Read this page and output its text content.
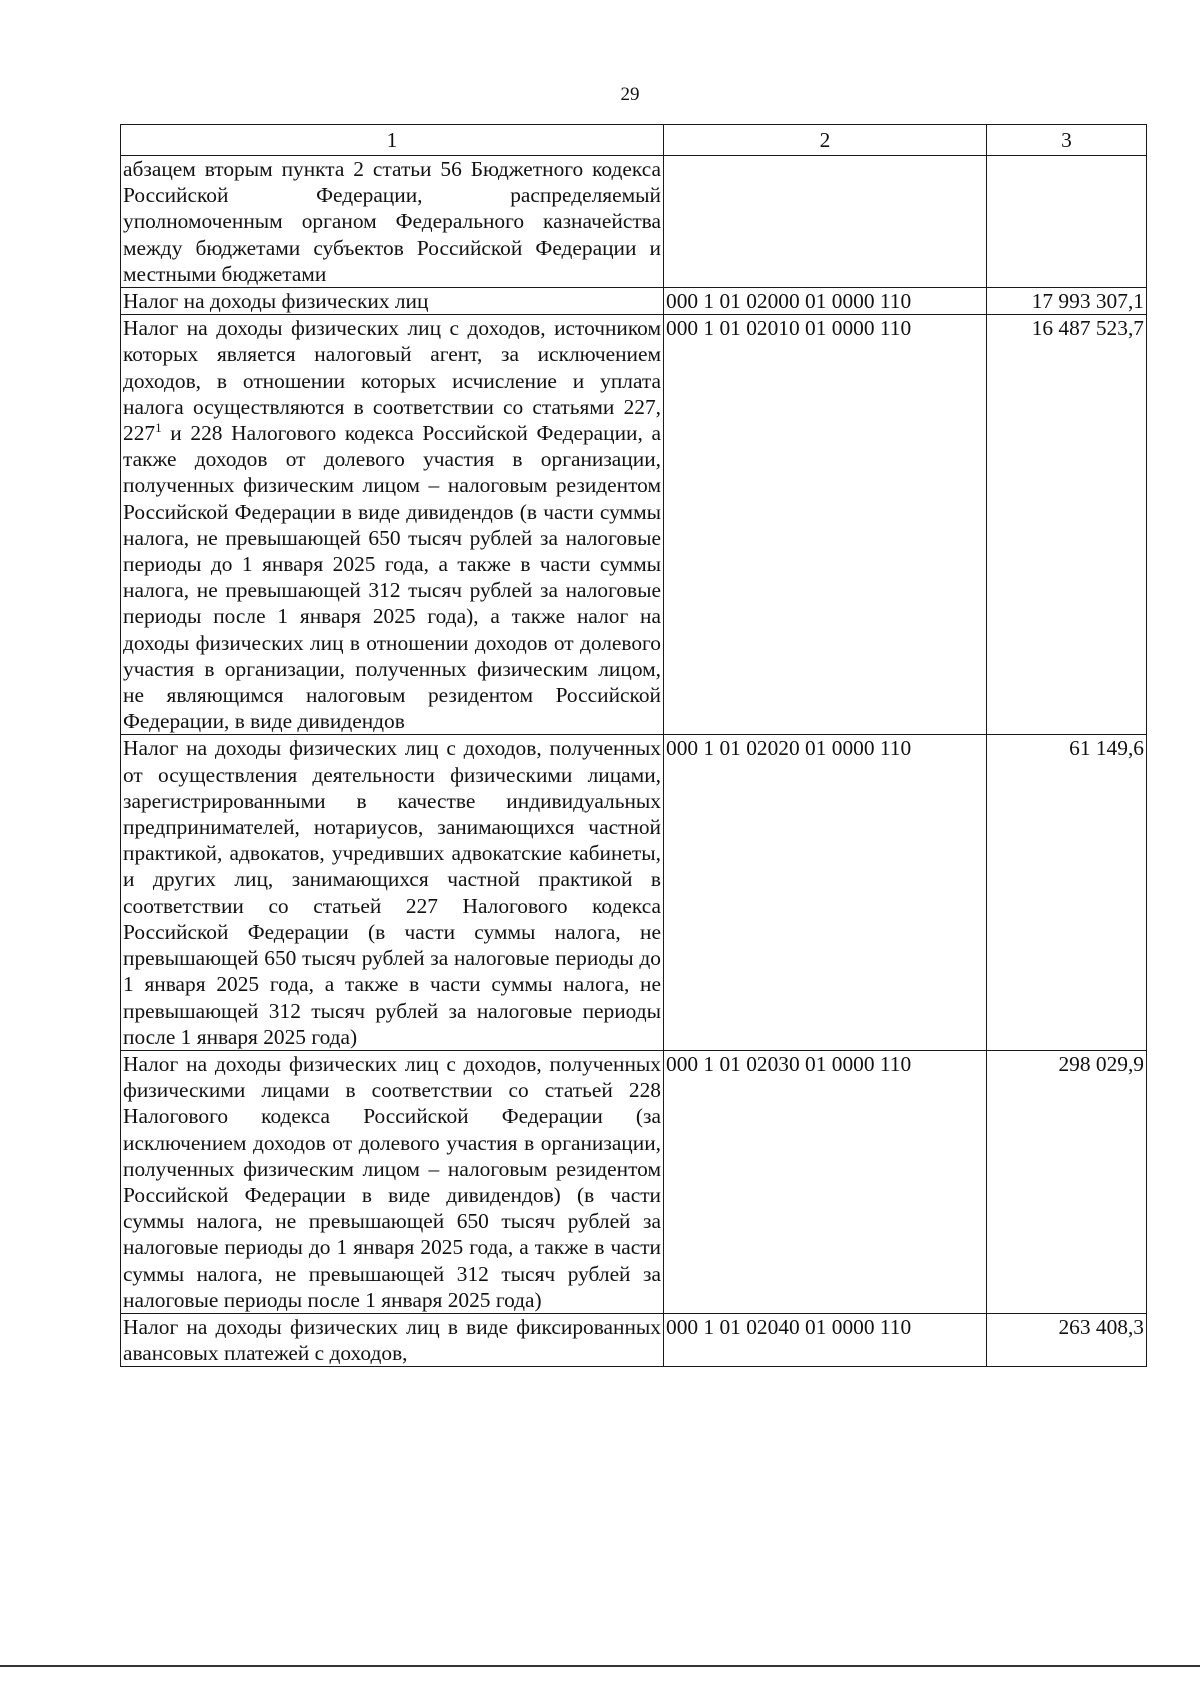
29
1	2	3
абзацем вторым пункта 2 статьи 56 Бюджетного кодекса Российской Федерации, распределяемый уполномоченным органом Федерального казначейства между бюджетами субъектов Российской Федерации и местными бюджетами		
Налог на доходы физических лиц	000 1 01 02000 01 0000 110	17 993 307,1
Налог на доходы физических лиц с доходов, источником которых является налоговый агент, за исключением доходов, в отношении которых исчисление и уплата налога осуществляются в соответствии со статьями 227, $227^1$ и 228 Налогового кодекса Российской Федерации, а также доходов от долевого участия в организации, полученных физическим лицом – налоговым резидентом Российской Федерации в виде дивидендов (в части суммы налога, не превышающей 650 тысяч рублей за налоговые периоды до 1 января 2025 года, а также в части суммы налога, не превышающей 312 тысяч рублей за налоговые периоды после 1 января 2025 года), а также налог на доходы физических лиц в отношении доходов от долевого участия в организации, полученных физическим лицом, не являющимся налоговым резидентом Российской Федерации, в виде дивидендов	000 1 01 02010 01 0000 110	16 487 523,7
Налог на доходы физических лиц с доходов, полученных от осуществления деятельности физическими лицами, зарегистрированными в качестве индивидуальных предпринимателей, нотариусов, занимающихся частной практикой, адвокатов, учредивших адвокатские кабинеты, и других лиц, занимающихся частной практикой в соответствии со статьей 227 Налогового кодекса Российской Федерации (в части суммы налога, не превышающей 650 тысяч рублей за налоговые периоды до 1 января 2025 года, а также в части суммы налога, не превышающей 312 тысяч рублей за налоговые периоды после 1 января 2025 года)	000 1 01 02020 01 0000 110	61 149,6
Налог на доходы физических лиц с доходов, полученных физическими лицами в соответствии со статьей 228 Налогового кодекса Российской Федерации (за исключением доходов от долевого участия в организации, полученных физическим лицом – налоговым резидентом Российской Федерации в виде дивидендов) (в части суммы налога, не превышающей 650 тысяч рублей за налоговые периоды до 1 января 2025 года, а также в части суммы налога, не превышающей 312 тысяч рублей за налоговые периоды после 1 января 2025 года)	000 1 01 02030 01 0000 110	298 029,9
Налог на доходы физических лиц в виде фиксированных авансовых платежей с доходов,	000 1 01 02040 01 0000 110	263 408,3
